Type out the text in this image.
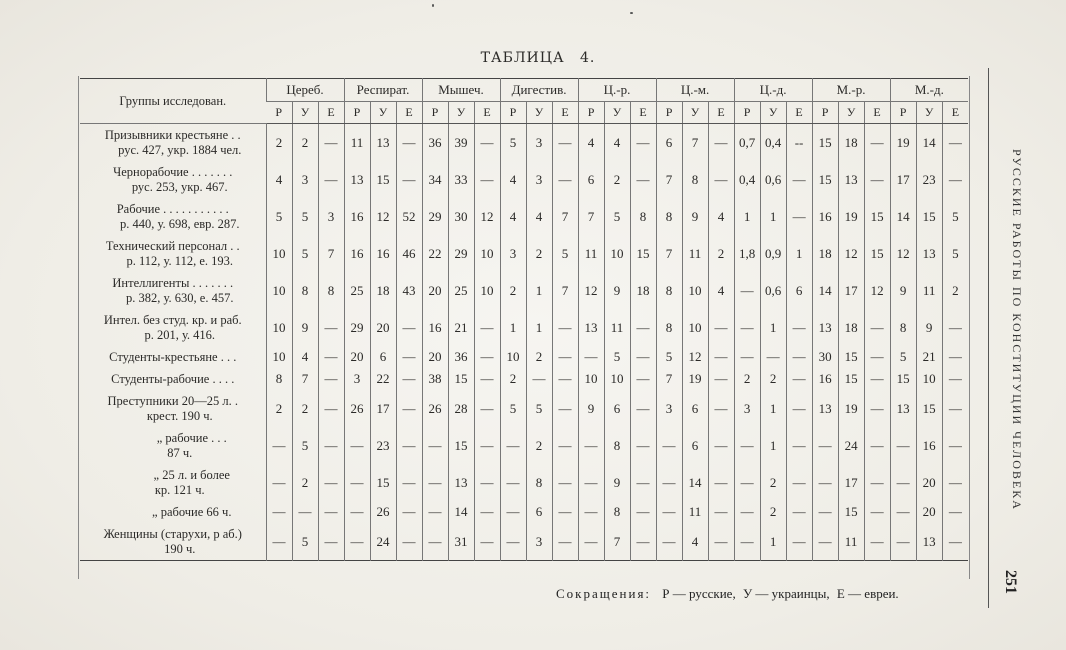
ТАБЛИЦА 4.
Группы исследован.	Цереб.			Респират.			Мышеч.			Дигестив.			Ц.-р.			Ц.-м.			Ц.-д.			М.-р.			М.-д.		
	Р	У	Е	Р	У	Е	Р	У	Е	Р	У	Е	Р	У	Е	Р	У	Е	Р	У	Е	Р	У	Е	Р	У	Е
Призывники крестьяне . .
рус. 427, укр. 1884 чел.	2	2	—	11	13	—	36	39	—	5	3	—	4	4	—	6	7	—	0,7	0,4	--	15	18	—	19	14	—
Чернорабочие . . . . . . .
рус. 253, укр. 467.	4	3	—	13	15	—	34	33	—	4	3	—	6	2	—	7	8	—	0,4	0,6	—	15	13	—	17	23	—
Рабочие . . . . . . . . . . .
р. 440, у. 698, евр. 287.	5	5	3	16	12	52	29	30	12	4	4	7	7	5	8	8	9	4	1	1	—	16	19	15	14	15	5
Технический персонал . .
р. 112, у. 112, е. 193.	10	5	7	16	16	46	22	29	10	3	2	5	11	10	15	7	11	2	1,8	0,9	1	18	12	15	12	13	5
Интеллигенты . . . . . . .
р. 382, у. 630, е. 457.	10	8	8	25	18	43	20	25	10	2	1	7	12	9	18	8	10	4	—	0,6	6	14	17	12	9	11	2
Интел. без студ. кр. и раб.
р. 201, у. 416.	10	9	—	29	20	—	16	21	—	1	1	—	13	11	—	8	10	—	—	1	—	13	18	—	8	9	—
Студенты-крестьяне . . .	10	4	—	20	6	—	20	36	—	10	2	—	—	5	—	5	12	—	—	—	—	30	15	—	5	21	—
Студенты-рабочие . . . .	8	7	—	3	22	—	38	15	—	2	—	—	10	10	—	7	19	—	2	2	—	16	15	—	15	10	—
Преступники 20—25 л. .
крест. 190 ч.	2	2	—	26	17	—	26	28	—	5	5	—	9	6	—	3	6	—	3	1	—	13	19	—	13	15	—
„ рабочие . . .
87 ч.	—	5	—	—	23	—	—	15	—	—	2	—	—	8	—	—	6	—	—	1	—	—	24	—	—	16	—
„ 25 л. и более
кр. 121 ч.	—	2	—	—	15	—	—	13	—	—	8	—	—	9	—	—	14	—	—	2	—	—	17	—	—	20	—
„ рабочие 66 ч.	—	—	—	—	26	—	—	14	—	—	6	—	—	8	—	—	11	—	—	2	—	—	15	—	—	20	—
Женщины (старухи, р аб.)
190 ч.	—	5	—	—	24	—	—	31	—	—	3	—	—	7	—	—	4	—	—	1	—	—	11	—	—	13	—
РУССКИЕ РАБОТЫ ПО КОНСТИТУЦИИ ЧЕЛОВЕКА
251
Сокращения: Р — русские, У — украинцы, Е — евреи.
